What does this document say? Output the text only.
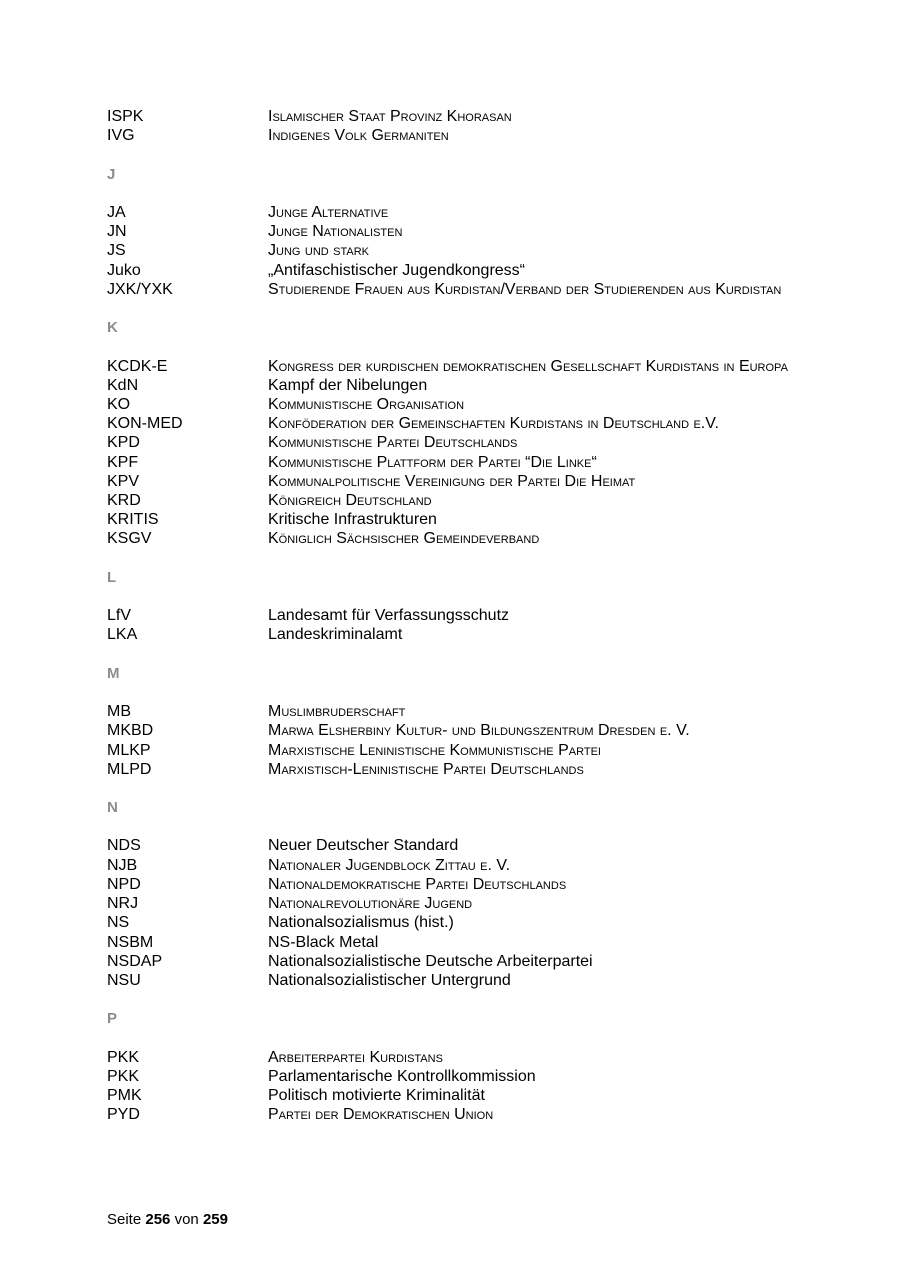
ISPK	Islamischer Staat Provinz Khorasan
IVG	Indigenes Volk Germaniten
J
JA	Junge Alternative
JN	Junge Nationalisten
JS	Jung und stark
Juko	„Antifaschistischer Jugendkongress“
JXK/YXK	Studierende Frauen aus Kurdistan/Verband der Studierenden aus Kurdistan
K
KCDK-E	Kongress der kurdischen demokratischen Gesellschaft Kurdistans in Europa
KdN	Kampf der Nibelungen
KO	Kommunistische Organisation
KON-MED	Konföderation der Gemeinschaften Kurdistans in Deutschland e.V.
KPD	Kommunistische Partei Deutschlands
KPF	Kommunistische Plattform der Partei “Die Linke“
KPV	Kommunalpolitische Vereinigung der Partei Die Heimat
KRD	Königreich Deutschland
KRITIS	Kritische Infrastrukturen
KSGV	Königlich Sächsischer Gemeindeverband
L
LfV	Landesamt für Verfassungsschutz
LKA	Landeskriminalamt
M
MB	Muslimbruderschaft
MKBD	Marwa Elsherbiny Kultur- und Bildungszentrum Dresden e. V.
MLKP	Marxistische Leninistische Kommunistische Partei
MLPD	Marxistisch-Leninistische Partei Deutschlands
N
NDS	Neuer Deutscher Standard
NJB	Nationaler Jugendblock Zittau e. V.
NPD	Nationaldemokratische Partei Deutschlands
NRJ	Nationalrevolutionäre Jugend
NS	Nationalsozialismus (hist.)
NSBM	NS-Black Metal
NSDAP	Nationalsozialistische Deutsche Arbeiterpartei
NSU	Nationalsozialistischer Untergrund
P
PKK	Arbeiterpartei Kurdistans
PKK	Parlamentarische Kontrollkommission
PMK	Politisch motivierte Kriminalität
PYD	Partei der Demokratischen Union
Seite 256 von 259
